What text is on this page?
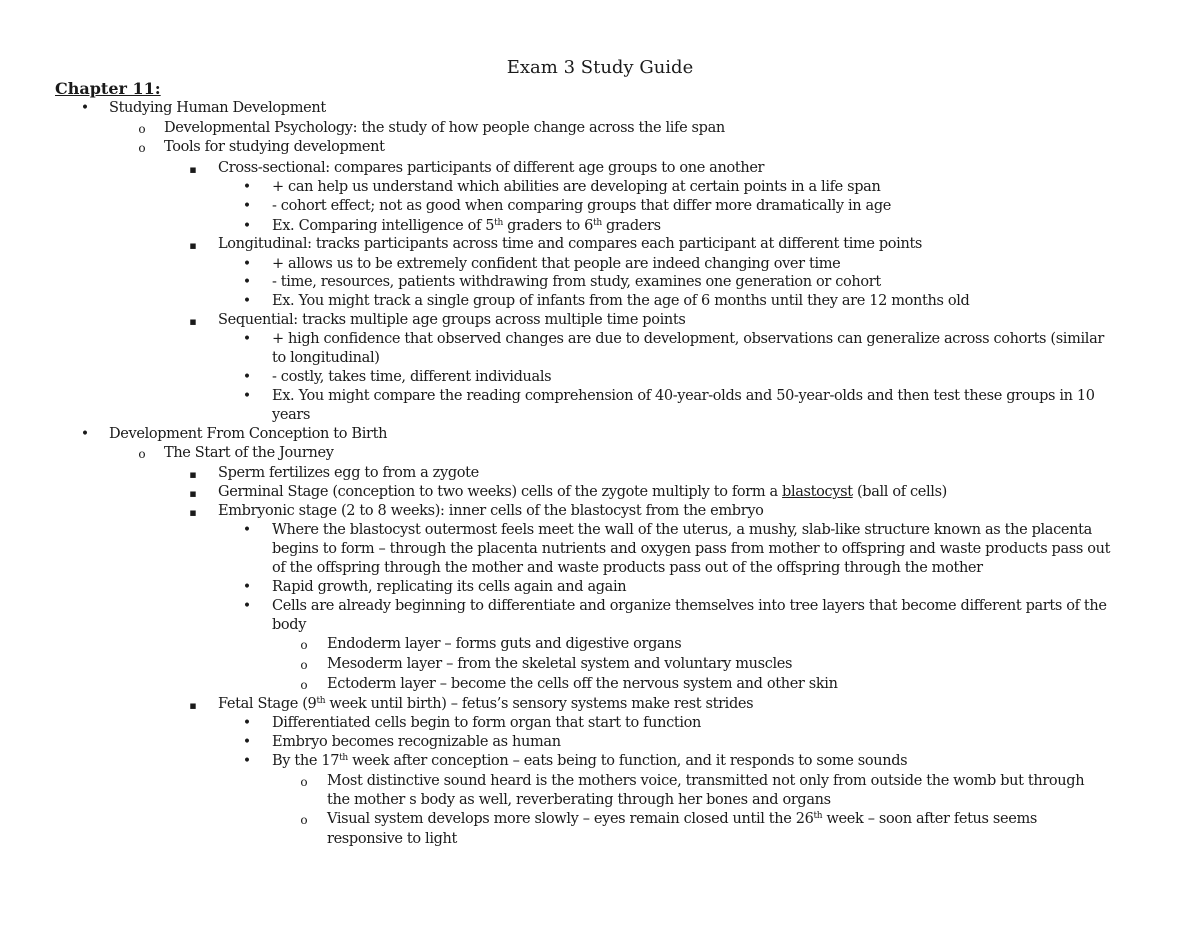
Exam 3 Study Guide
Chapter 11:
•
Studying Human Development
o
Developmental Psychology: the study of how people change across the life span
o
Tools for studying development
▪
Cross-sectional: compares participants of different age groups to one another
•
+ can help us understand which abilities are developing at certain points in a life span
•
- cohort effect; not as good when comparing groups that differ more dramatically in age
•
Ex. Comparing intelligence of 5th graders to 6th graders
▪
Longitudinal: tracks participants across time and compares each participant at different time points
•
+ allows us to be extremely confident that people are indeed changing over time
•
- time, resources, patients withdrawing from study, examines one generation or cohort
•
Ex. You might track a single group of infants from the age of 6 months until they are 12 months old
▪
Sequential: tracks multiple age groups across multiple time points
•
+ high confidence that observed changes are due to development, observations can generalize across cohorts (similar
to longitudinal)
•
- costly, takes time, different individuals
•
Ex. You might compare the reading comprehension of 40-year-olds and 50-year-olds and then test these groups in 10
years
•
Development From Conception to Birth
o
The Start of the Journey
▪
Sperm fertilizes egg to from a zygote
▪
Germinal Stage (conception to two weeks) cells of the zygote multiply to form a blastocyst (ball of cells)
▪
Embryonic stage (2 to 8 weeks): inner cells of the blastocyst from the embryo
•
Where the blastocyst outermost feels meet the wall of the uterus, a mushy, slab-like structure known as the placenta
begins to form – through the placenta nutrients and oxygen pass from mother to offspring and waste products pass out
of the offspring through the mother and waste products pass out of the offspring through the mother
•
Rapid growth, replicating its cells again and again
•
Cells are already beginning to differentiate and organize themselves into tree layers that become different parts of the
body
o
Endoderm layer – forms guts and digestive organs
o
Mesoderm layer – from the skeletal system and voluntary muscles
o
Ectoderm layer – become the cells off the nervous system and other skin
▪
Fetal Stage (9th week until birth) – fetus’s sensory systems make rest strides
•
Differentiated cells begin to form organ that start to function
•
Embryo becomes recognizable as human
•
By the 17th week after conception – eats being to function, and it responds to some sounds
o
Most distinctive sound heard is the mothers voice, transmitted not only from outside the womb but through
the mother s body as well, reverberating through her bones and organs
o
Visual system develops more slowly – eyes remain closed until the 26th week – soon after fetus seems
responsive to light
